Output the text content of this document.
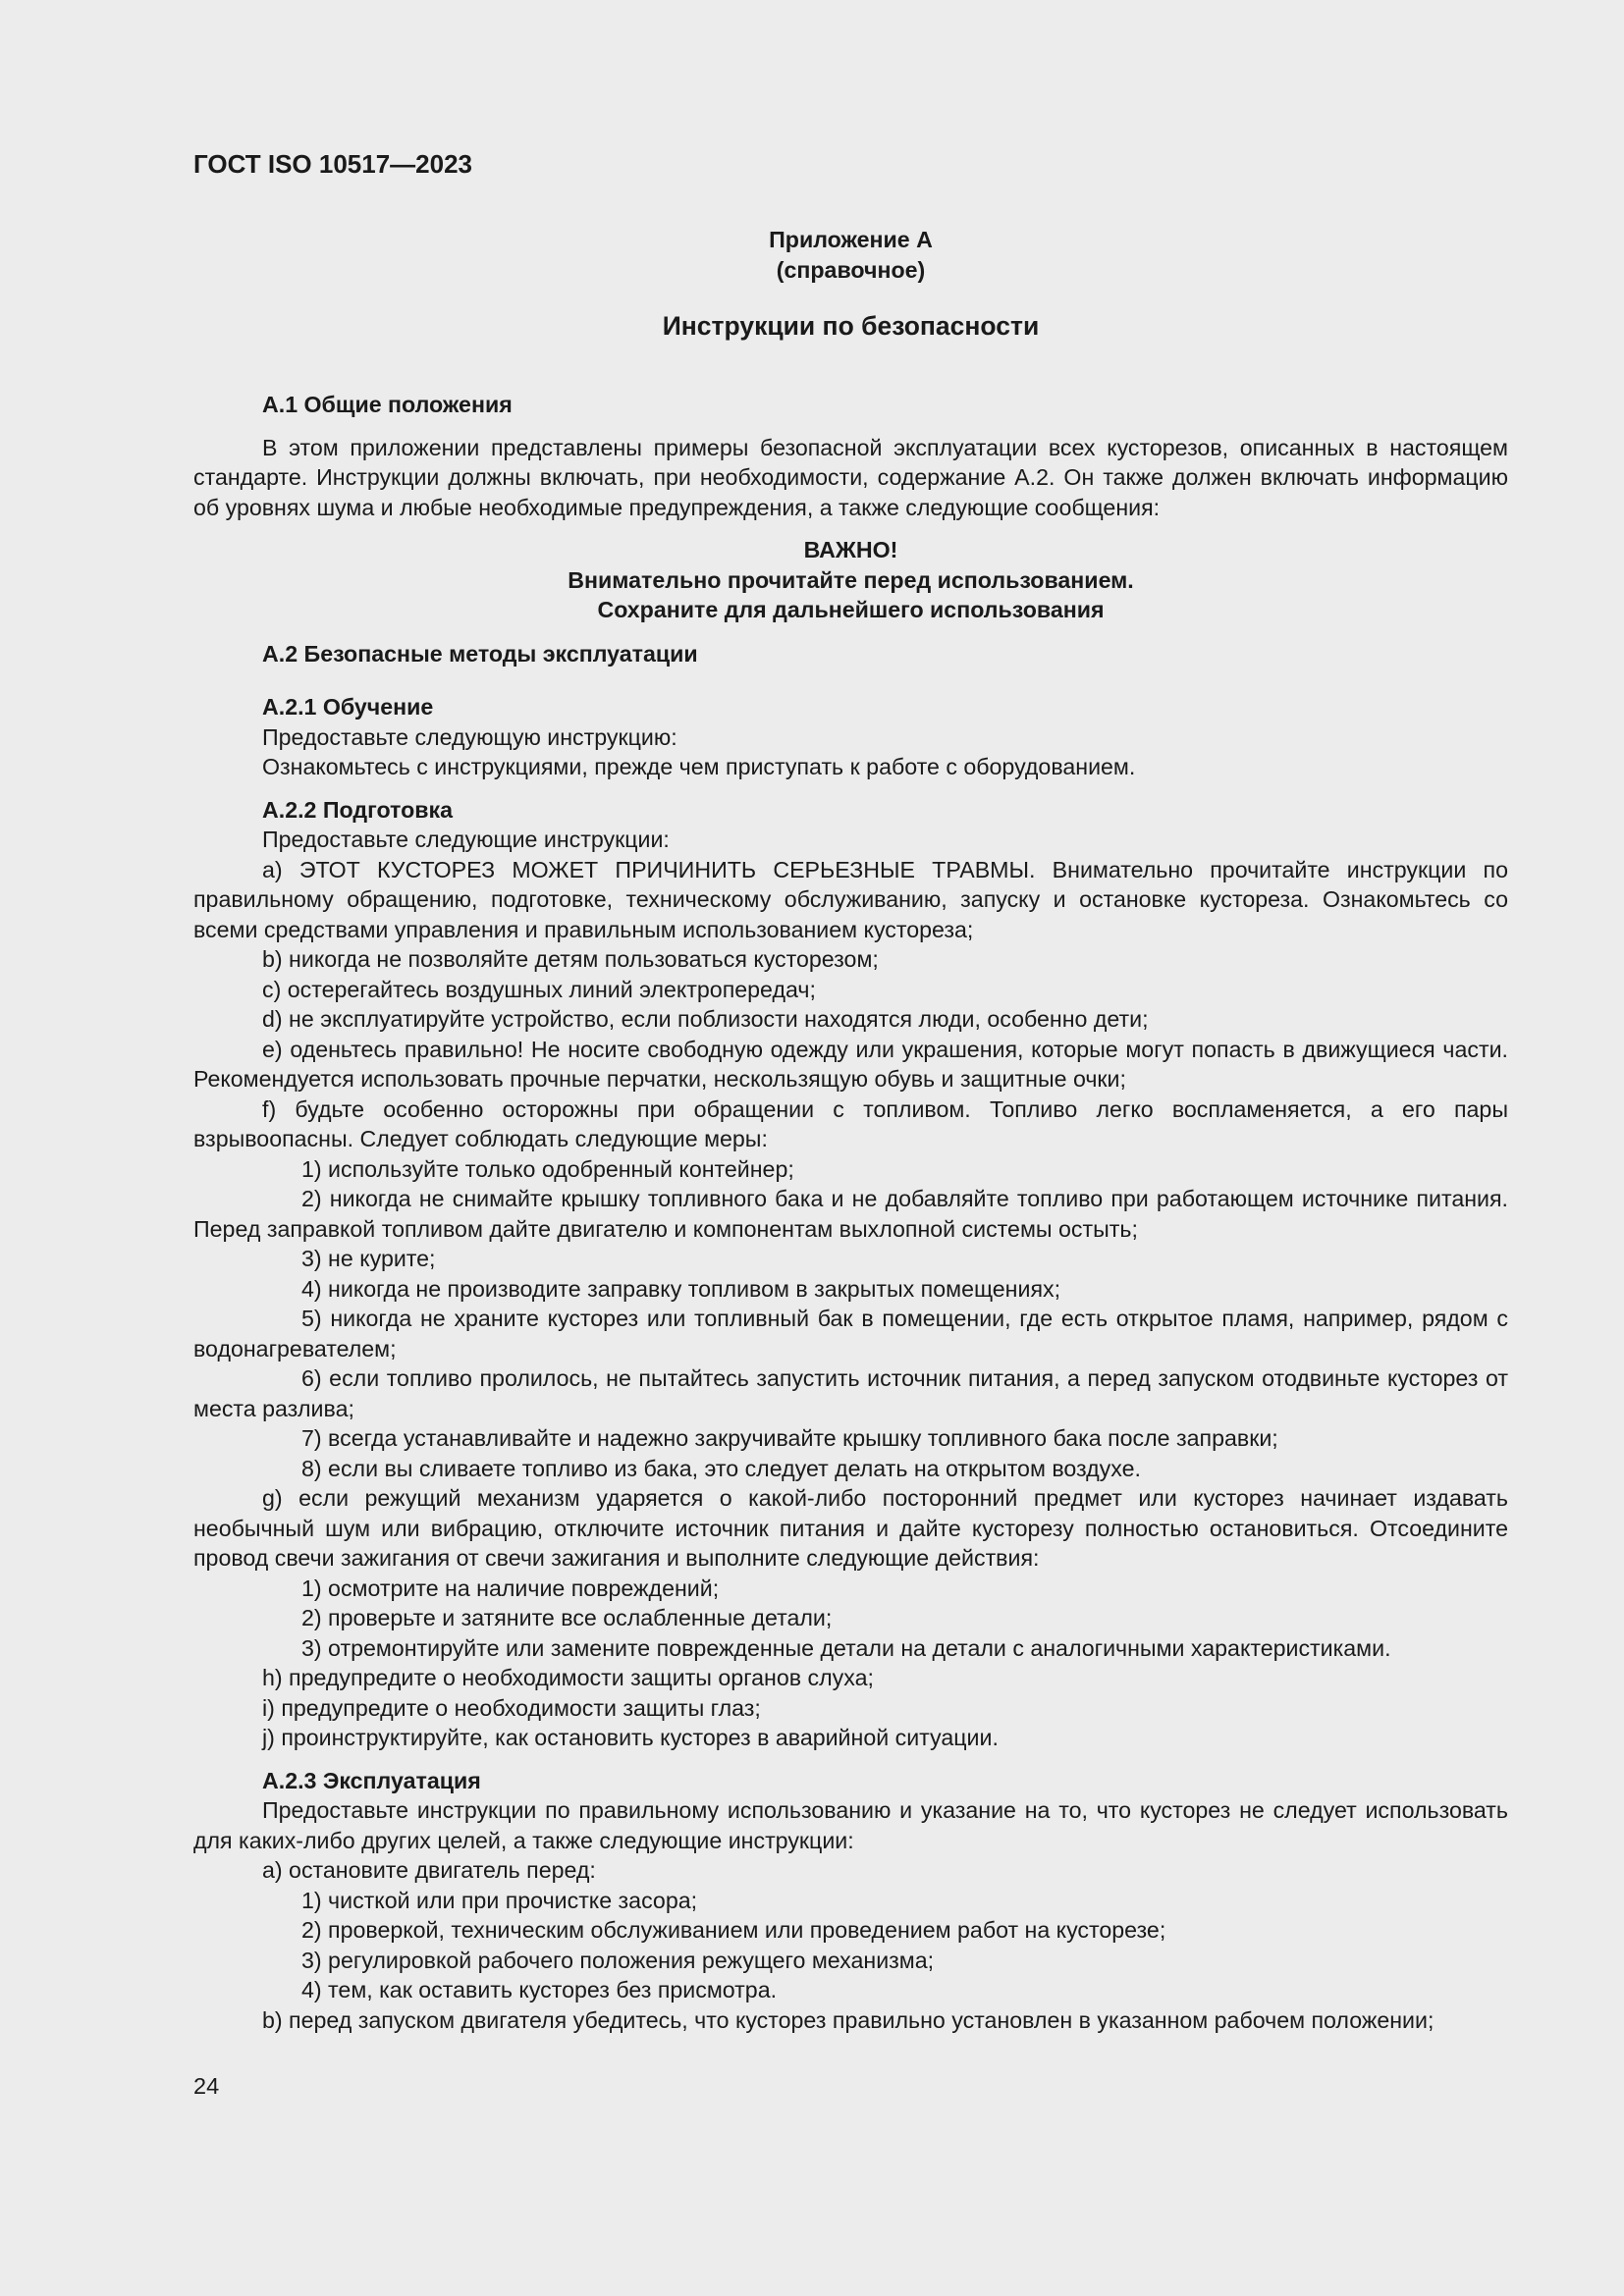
ГОСТ ISO 10517—2023
Приложение А
(справочное)
Инструкции по безопасности
А.1 Общие положения
В этом приложении представлены примеры безопасной эксплуатации всех кусторезов, описанных в настоящем стандарте. Инструкции должны включать, при необходимости, содержание А.2. Он также должен включать информацию об уровнях шума и любые необходимые предупреждения, а также следующие сообщения:
ВАЖНО!
Внимательно прочитайте перед использованием.
Сохраните для дальнейшего использования
А.2 Безопасные методы эксплуатации
А.2.1 Обучение
Предоставьте следующую инструкцию:
Ознакомьтесь с инструкциями, прежде чем приступать к работе с оборудованием.
А.2.2 Подготовка
Предоставьте следующие инструкции:
a) ЭТОТ КУСТОРЕЗ МОЖЕТ ПРИЧИНИТЬ СЕРЬЕЗНЫЕ ТРАВМЫ. Внимательно прочитайте инструкции по правильному обращению, подготовке, техническому обслуживанию, запуску и остановке кустореза. Ознакомьтесь со всеми средствами управления и правильным использованием кустореза;
b) никогда не позволяйте детям пользоваться кусторезом;
c) остерегайтесь воздушных линий электропередач;
d) не эксплуатируйте устройство, если поблизости находятся люди, особенно дети;
e) оденьтесь правильно! Не носите свободную одежду или украшения, которые могут попасть в движущиеся части. Рекомендуется использовать прочные перчатки, нескользящую обувь и защитные очки;
f) будьте особенно осторожны при обращении с топливом. Топливо легко воспламеняется, а его пары взрывоопасны. Следует соблюдать следующие меры:
1) используйте только одобренный контейнер;
2) никогда не снимайте крышку топливного бака и не добавляйте топливо при работающем источнике питания. Перед заправкой топливом дайте двигателю и компонентам выхлопной системы остыть;
3) не курите;
4) никогда не производите заправку топливом в закрытых помещениях;
5) никогда не храните кусторез или топливный бак в помещении, где есть открытое пламя, например, рядом с водонагревателем;
6) если топливо пролилось, не пытайтесь запустить источник питания, а перед запуском отодвиньте кусторез от места разлива;
7) всегда устанавливайте и надежно закручивайте крышку топливного бака после заправки;
8) если вы сливаете топливо из бака, это следует делать на открытом воздухе.
g) если режущий механизм ударяется о какой-либо посторонний предмет или кусторез начинает издавать необычный шум или вибрацию, отключите источник питания и дайте кусторезу полностью остановиться. Отсоедините провод свечи зажигания от свечи зажигания и выполните следующие действия:
1) осмотрите на наличие повреждений;
2) проверьте и затяните все ослабленные детали;
3) отремонтируйте или замените поврежденные детали на детали с аналогичными характеристиками.
h) предупредите о необходимости защиты органов слуха;
i) предупредите о необходимости защиты глаз;
j) проинструктируйте, как остановить кусторез в аварийной ситуации.
А.2.3 Эксплуатация
Предоставьте инструкции по правильному использованию и указание на то, что кусторез не следует использовать для каких-либо других целей, а также следующие инструкции:
a) остановите двигатель перед:
1) чисткой или при прочистке засора;
2) проверкой, техническим обслуживанием или проведением работ на кусторезе;
3) регулировкой рабочего положения режущего механизма;
4) тем, как оставить кусторез без присмотра.
b) перед запуском двигателя убедитесь, что кусторез правильно установлен в указанном рабочем положении;
24
